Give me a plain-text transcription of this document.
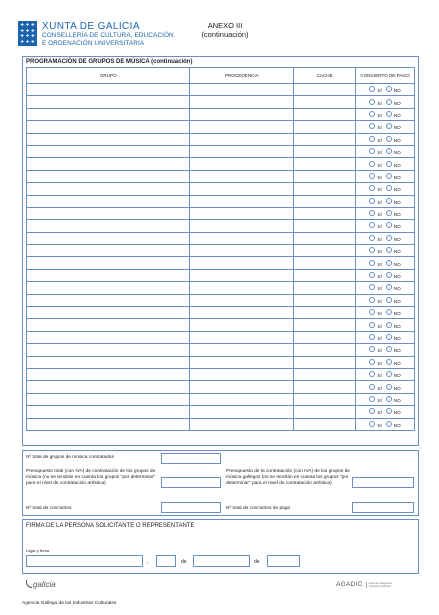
✚ ✚ ✚
✚ ✚ ✚
✚ ✚ ✚
✚ ✚ ✚
XUNTA DE GALICIA
CONSELLERÍA DE CULTURA, EDUCACIÓN
E ORDENACIÓN UNIVERSITARIA
ANEXO III
(continuación)
PROGRAMACIÓN DE GRUPOS DE MÚSICA (continuación)
GRUPO	PROCEDENCIA	CACHE	CONCIERTO DE PAGO

			SÍ NO

			SÍ NO

			SÍ NO

			SÍ NO

			SÍ NO

			SÍ NO

			SÍ NO

			SÍ NO

			SÍ NO

			SÍ NO

			SÍ NO

			SÍ NO

			SÍ NO

			SÍ NO

			SÍ NO

			SÍ NO

			SÍ NO

			SÍ NO

			SÍ NO

			SÍ NO

			SÍ NO

			SÍ NO

			SÍ NO

			SÍ NO

			SÍ NO

			SÍ NO

			SÍ NO

			SÍ NO
Nº total de grupos de música contratados
Presupuesto total (con IVA) de contratación de los grupos de música (no se tendrán en cuenta los grupos "por determinar" para el nivel de contratación artística)
Presupuesto de la contratación (con IVA) de los grupos de música gallegos (no se tendrán en cuenta los grupos "por determinar" para el nivel de contratación artística)
Nº total de conciertos	Nº total de conciertos de pago
FIRMA DE LA PERSONA SOLICITANTE O REPRESENTANTE
Lugar y fecha
,	de	de
galicia	AGADIC	Axencia Galega das Industrias Culturais
Agencia Gallega de las Industrias Culturales
